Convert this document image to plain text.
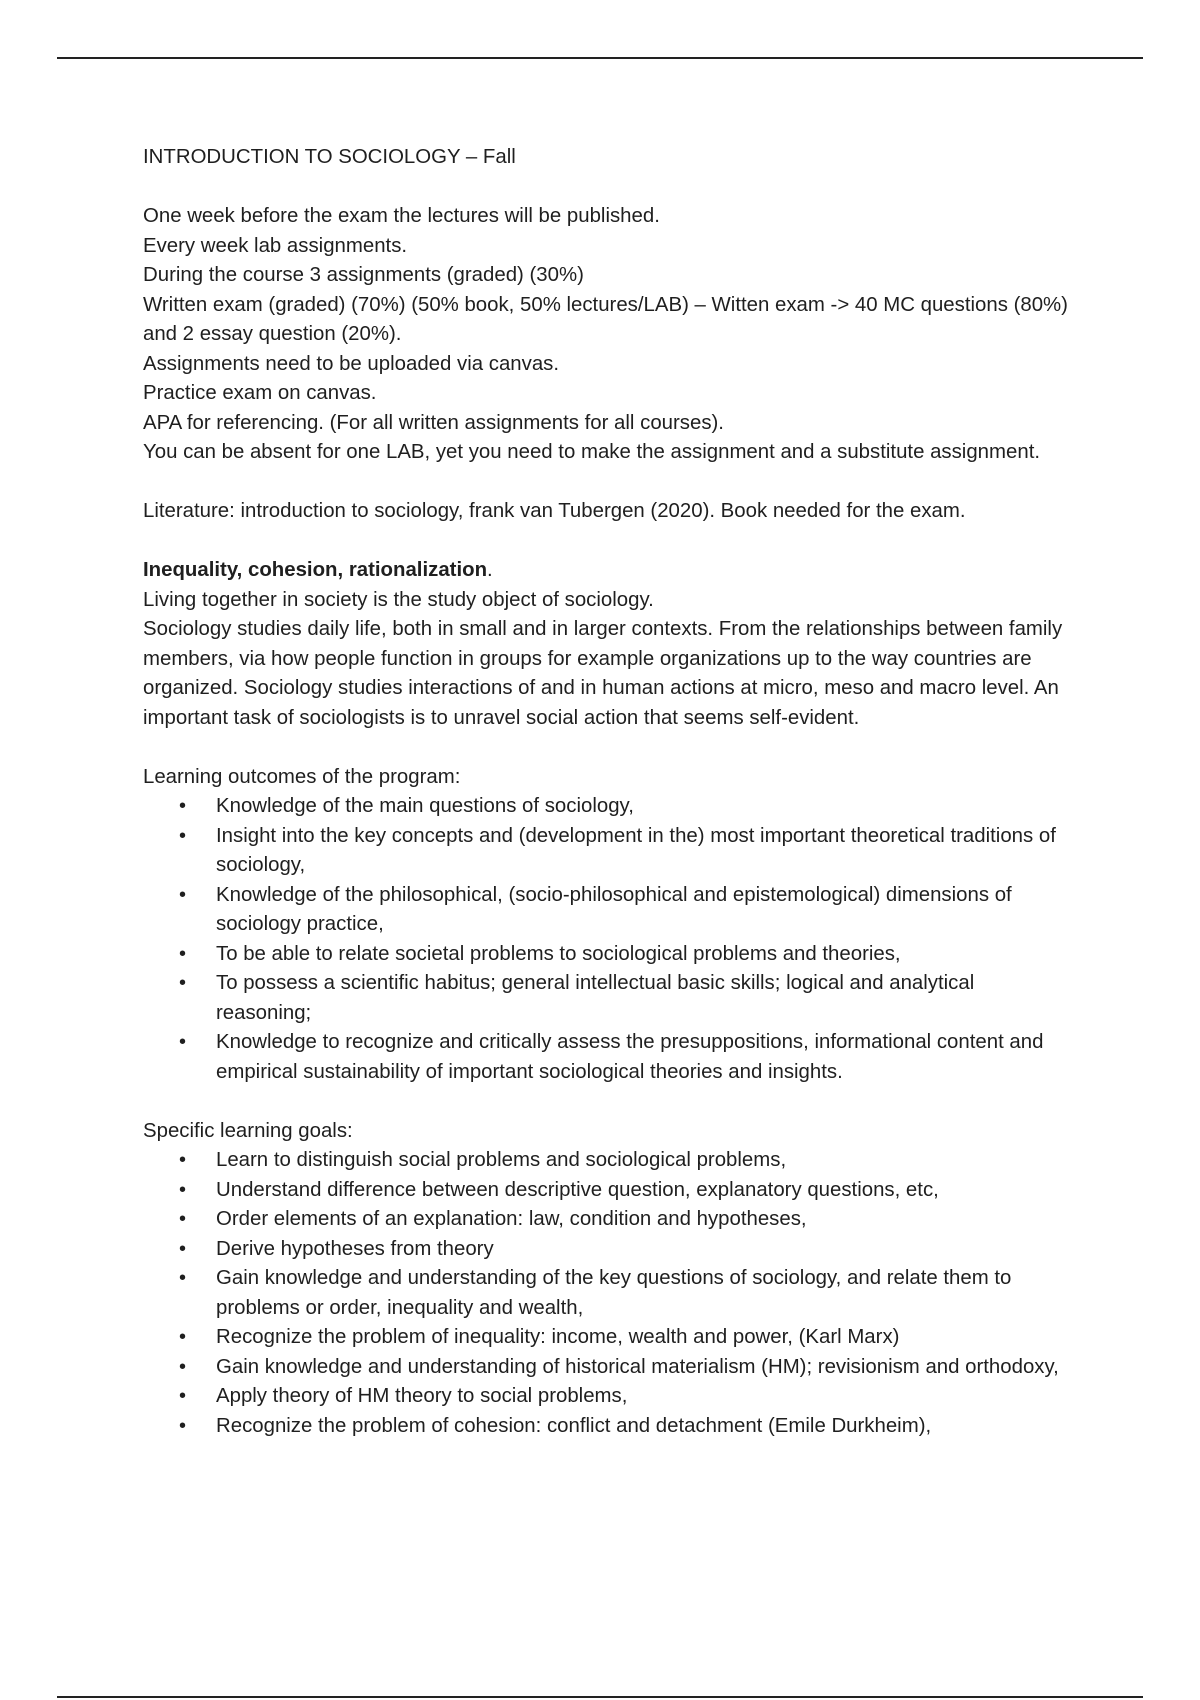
INTRODUCTION TO SOCIOLOGY – Fall

One week before the exam the lectures will be published.

Every week lab assignments.

During the course 3 assignments (graded) (30%)

Written exam (graded) (70%) (50% book, 50% lectures/LAB) – Witten exam -> 40 MC questions (80%) and 2 essay question (20%).

Assignments need to be uploaded via canvas.

Practice exam on canvas.

APA for referencing. (For all written assignments for all courses).

You can be absent for one LAB, yet you need to make the assignment and a substitute assignment.

Literature: introduction to sociology, frank van Tubergen (2020). Book needed for the exam.

Inequality, cohesion, rationalization.

Living together in society is the study object of sociology.

Sociology studies daily life, both in small and in larger contexts. From the relationships between family members, via how people function in groups for example organizations up to the way countries are organized. Sociology studies interactions of and in human actions at micro, meso and macro level. An important task of sociologists is to unravel social action that seems self-evident.

Learning outcomes of the program:

• Knowledge of the main questions of sociology,
• Insight into the key concepts and (development in the) most important theoretical traditions of sociology,
• Knowledge of the philosophical, (socio-philosophical and epistemological) dimensions of sociology practice,
• To be able to relate societal problems to sociological problems and theories,
• To possess a scientific habitus; general intellectual basic skills; logical and analytical reasoning;
• Knowledge to recognize and critically assess the presuppositions, informational content and empirical sustainability of important sociological theories and insights.

Specific learning goals:

• Learn to distinguish social problems and sociological problems,
• Understand difference between descriptive question, explanatory questions, etc,
• Order elements of an explanation: law, condition and hypotheses,
• Derive hypotheses from theory
• Gain knowledge and understanding of the key questions of sociology, and relate them to problems or order, inequality and wealth,
• Recognize the problem of inequality: income, wealth and power, (Karl Marx)
• Gain knowledge and understanding of historical materialism (HM); revisionism and orthodoxy,
• Apply theory of HM theory to social problems,
• Recognize the problem of cohesion: conflict and detachment (Emile Durkheim),
